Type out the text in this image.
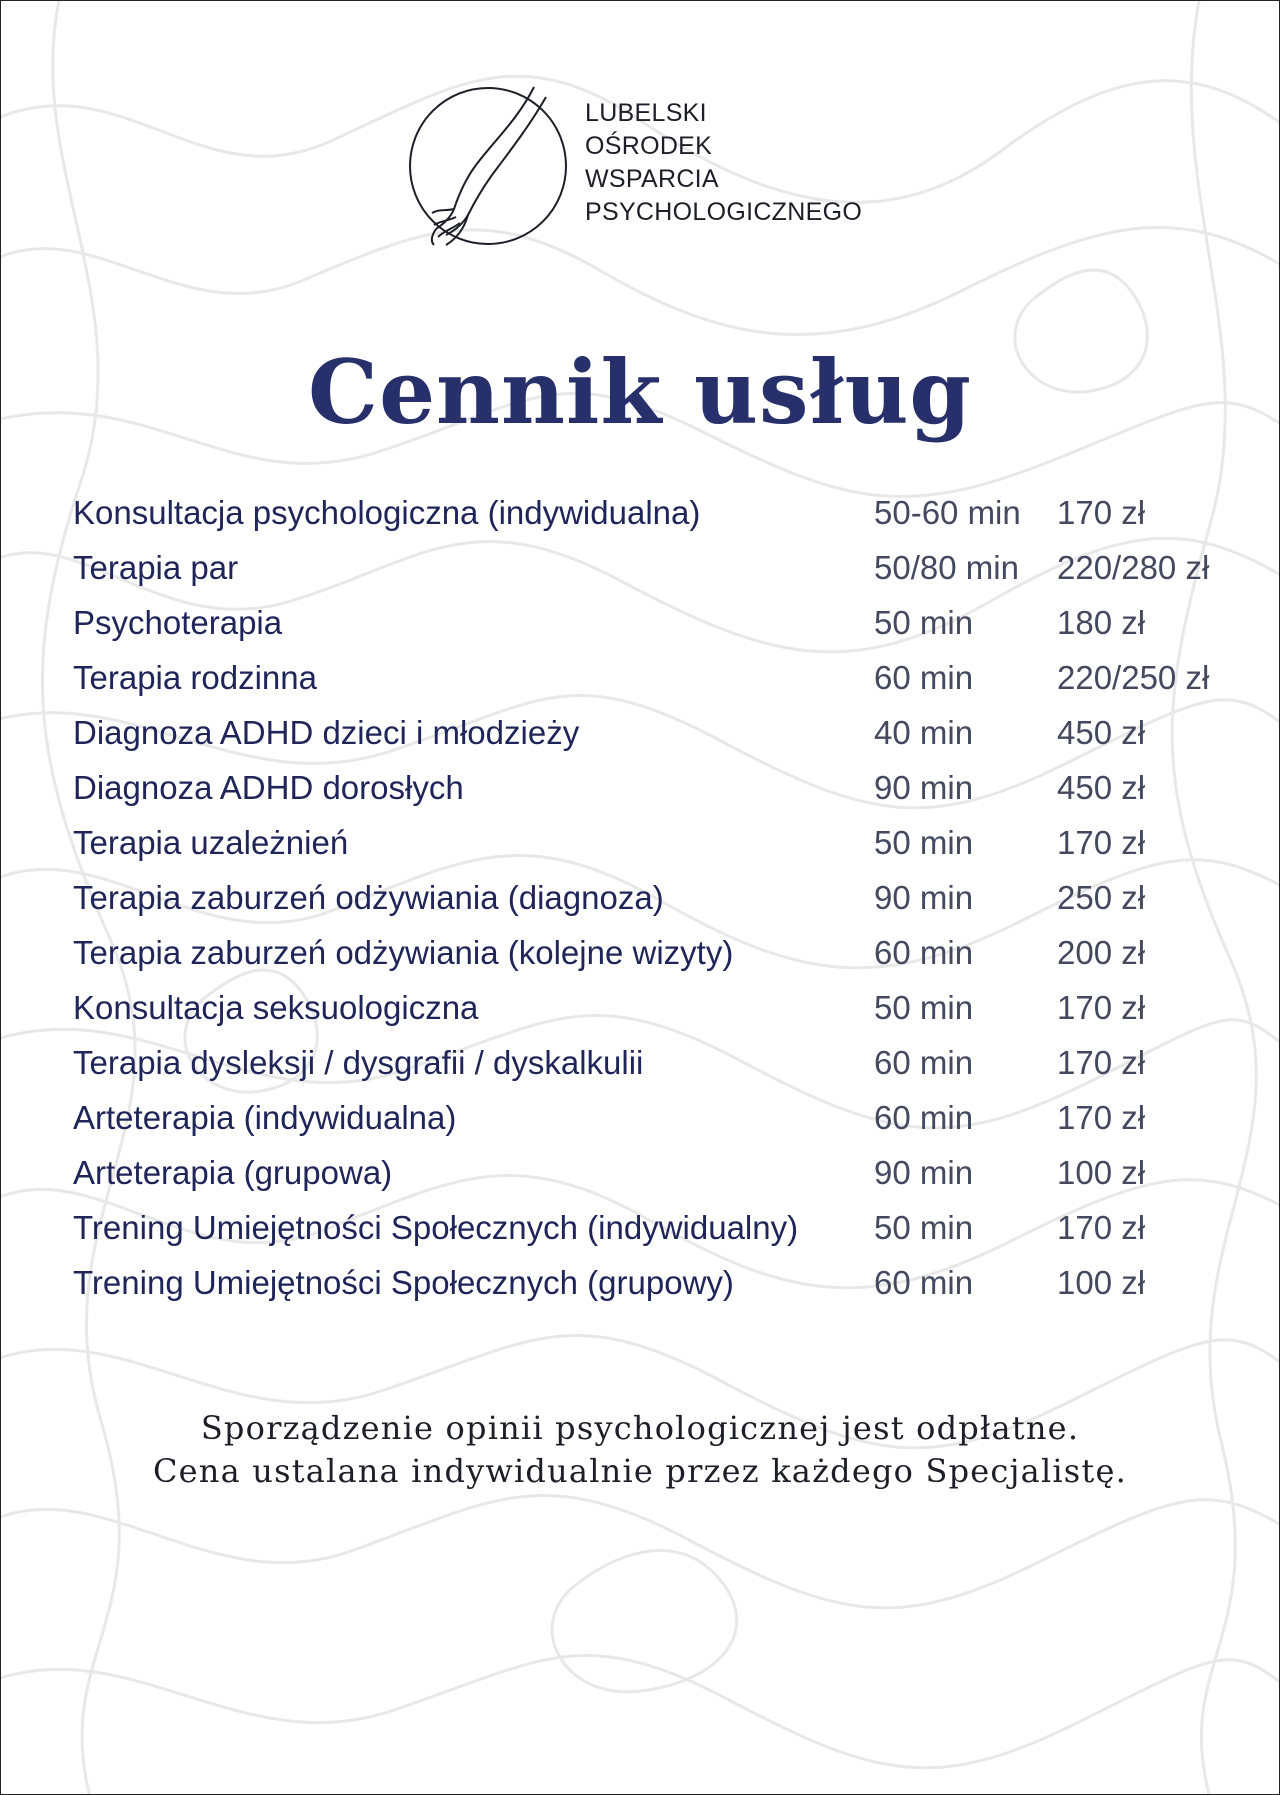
LUBELSKI
OŚRODEK
WSPARCIA
PSYCHOLOGICZNEGO
Cennik usług
Konsultacja psychologiczna (indywidualna)	50-60 min	170 zł
Terapia par	50/80 min	220/280 zł
Psychoterapia	50 min	180 zł
Terapia rodzinna	60 min	220/250 zł
Diagnoza ADHD dzieci i młodzieży	40 min	450 zł
Diagnoza ADHD dorosłych	90 min	450 zł
Terapia uzależnień	50 min	170 zł
Terapia zaburzeń odżywiania (diagnoza)	90 min	250 zł
Terapia zaburzeń odżywiania (kolejne wizyty)	60 min	200 zł
Konsultacja seksuologiczna	50 min	170 zł
Terapia dysleksji / dysgrafii / dyskalkulii	60 min	170 zł
Arteterapia (indywidualna)	60 min	170 zł
Arteterapia (grupowa)	90 min	100 zł
Trening Umiejętności Społecznych (indywidualny)	50 min	170 zł
Trening Umiejętności Społecznych (grupowy)	60 min	100 zł
Sporządzenie opinii psychologicznej jest odpłatne.
Cena ustalana indywidualnie przez każdego Specjalistę.
